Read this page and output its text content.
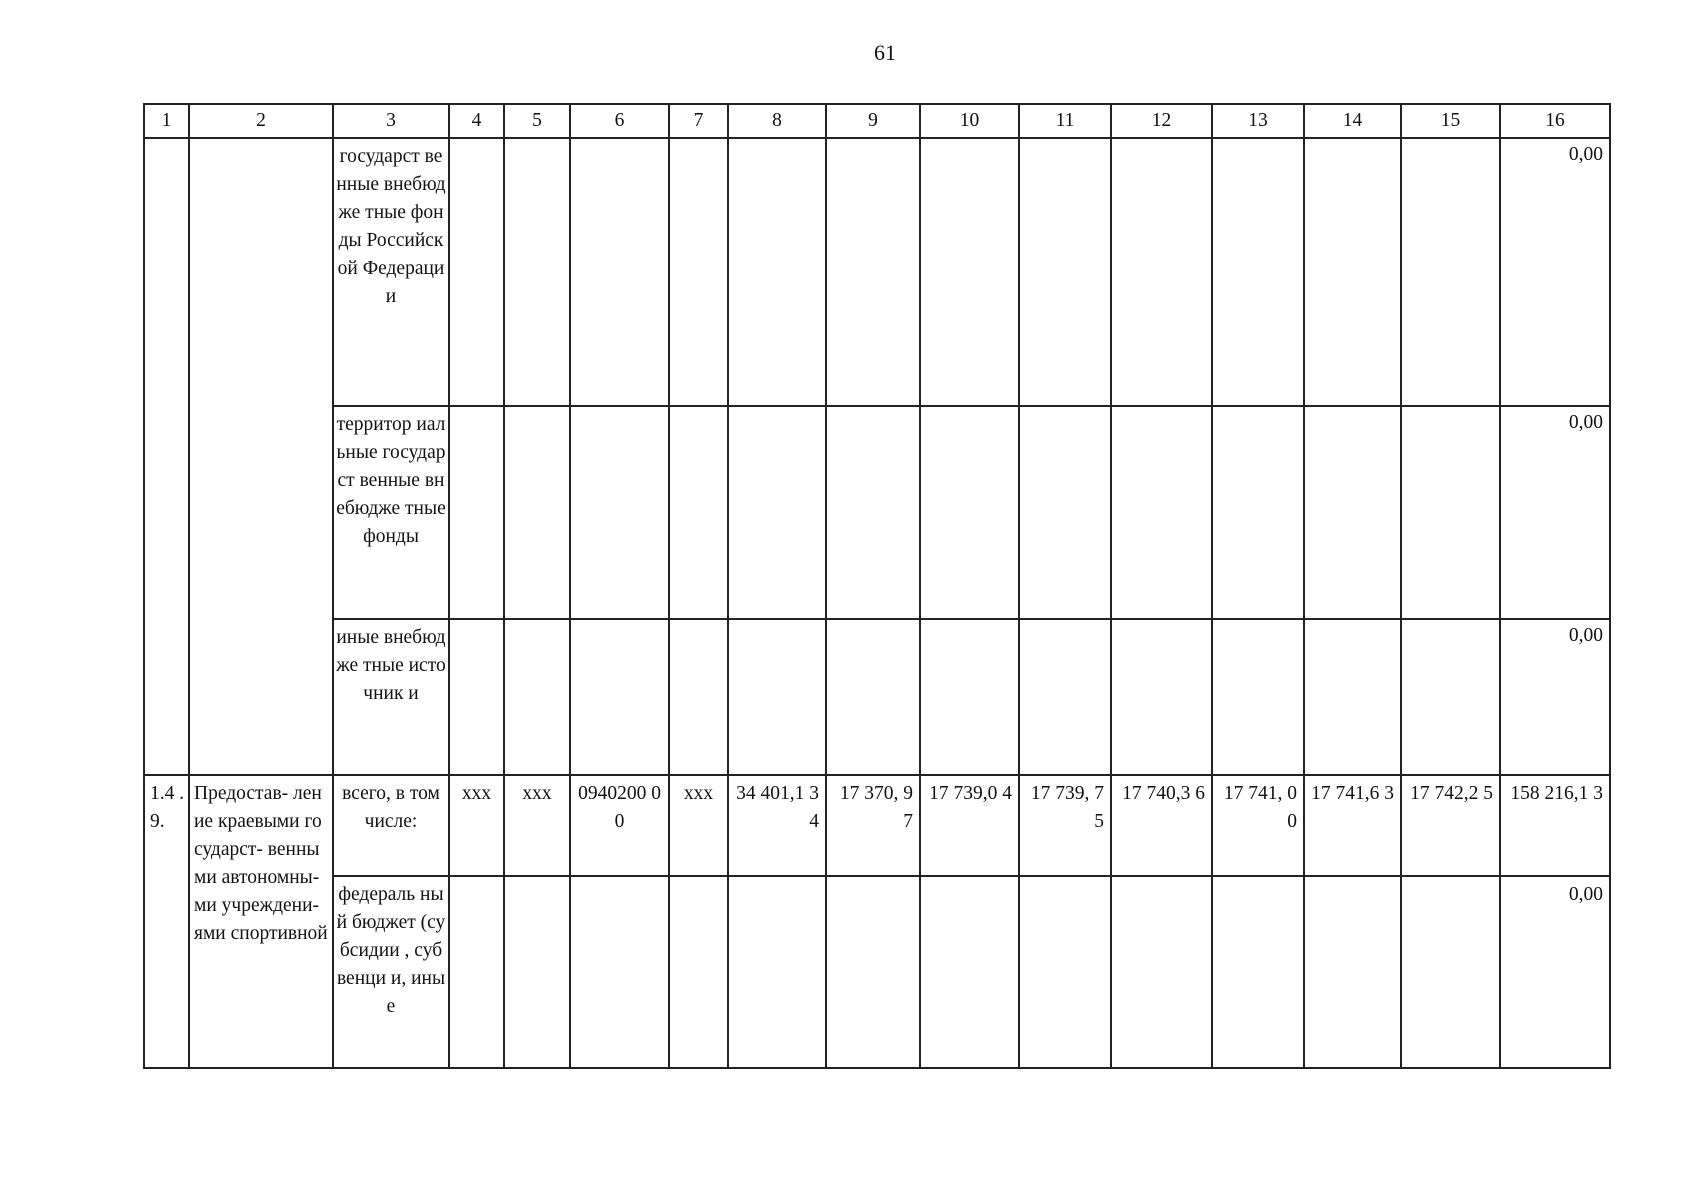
61
1	2	3	4	5	6	7	8	9	10	11	12	13	14	15	16
		государст венные внебюдже тные фонды Российск ой Федераци и													0,00
		территор иальные государст венные внебюдже тные фонды													0,00
		иные внебюдже тные источник и													0,00
1.4 .9.	Предостав- ление краевыми государст- венными автономны- ми учреждени- ями спортивной	всего, в том числе:	ххх	ххх	0940200 00	ххх	34 401,1 34	17 370, 97	17 739,0 4	17 739, 75	17 740,3 6	17 741, 00	17 741,6 3	17 742,2 5	158 216,1 3
		федераль ный бюджет (субсидии , субвенци и, иные													0,00
